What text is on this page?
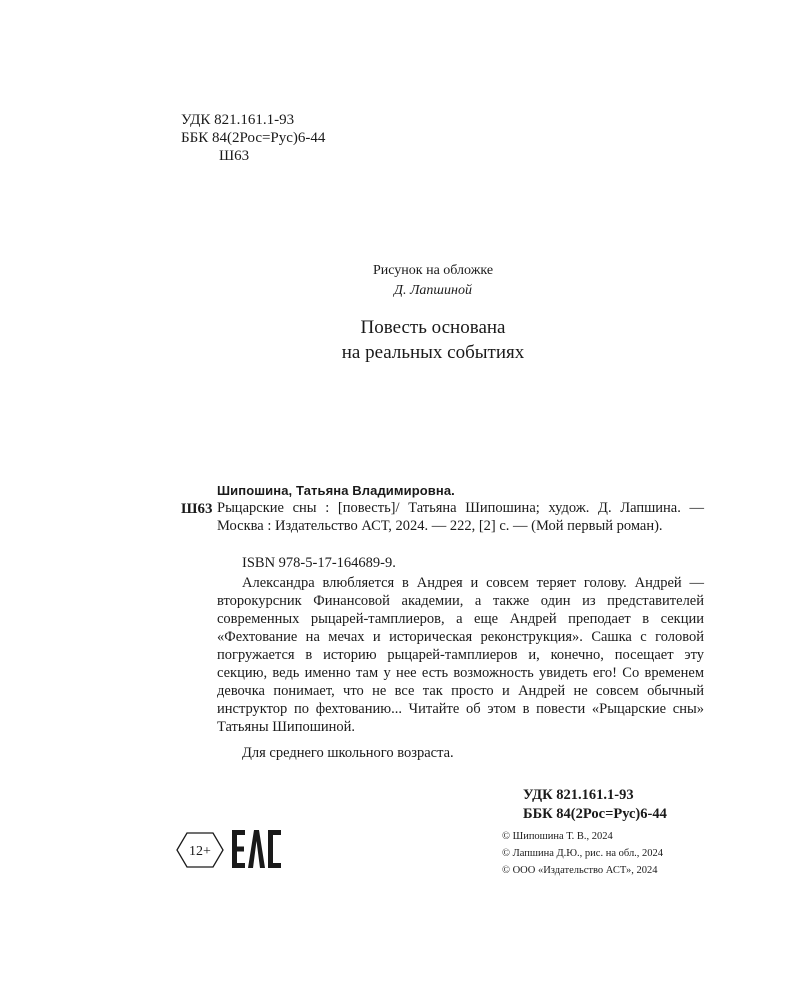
УДК 821.161.1-93
ББК 84(2Рос=Рус)6-44
Ш63
Рисунок на обложке
Д. Лапшиной
Повесть основана
на реальных событиях
Шипошина, Татьяна Владимировна.
Ш63 Рыцарские сны : [повесть]/ Татьяна Шипошина; худож. Д. Лапшина. — Москва : Издательство АСТ, 2024. — 222, [2] с. — (Мой первый роман).
ISBN 978-5-17-164689-9.
Александра влюбляется в Андрея и совсем теряет голову. Андрей — второкурсник Финансовой академии, а также один из представителей современных рыцарей-тамплиеров, а еще Андрей преподает в секции «Фехтование на мечах и историческая реконструкция». Сашка с головой погружается в историю рыцарей-тамплиеров и, конечно, посещает эту секцию, ведь именно там у нее есть возможность увидеть его! Со временем девочка понимает, что не все так просто и Андрей не совсем обычный инструктор по фехтованию... Читайте об этом в повести «Рыцарские сны» Татьяны Шипошиной.
Для среднего школьного возраста.
УДК 821.161.1-93
ББК 84(2Рос=Рус)6-44
12+
© Шипошина Т. В., 2024
© Лапшина Д.Ю., рис. на обл., 2024
© ООО «Издательство АСТ», 2024
